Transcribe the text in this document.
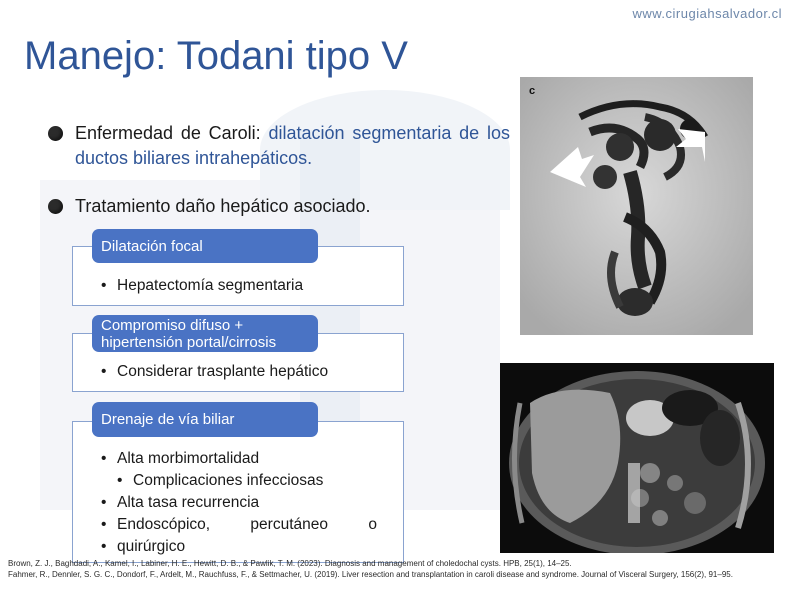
www.cirugiahsalvador.cl
Manejo: Todani tipo V
Enfermedad de Caroli: dilatación segmentaria de los ductos biliares intrahepáticos.
Tratamiento daño hepático asociado.
• Hepatectomía segmentaria
Dilatación focal
• Considerar trasplante hepático
Compromiso difuso + hipertensión portal/cirrosis
• Alta morbimortalidad
• Complicaciones infecciosas
• Alta tasa recurrencia
• Endoscópico, percutáneo o
• quirúrgico
Drenaje de vía biliar
c

Brown, Z. J., Baghdadi, A., Kamel, I., Labiner, H. E., Hewitt, D. B., & Pawlik, T. M. (2023). Diagnosis and management of choledochal cysts. HPB, 25(1), 14–25.

Fahmer, R., Dennler, S. G. C., Dondorf, F., Ardelt, M., Rauchfuss, F., & Settmacher, U. (2019). Liver resection and transplantation in caroli disease and syndrome. Journal of Visceral Surgery, 156(2), 91–95.
